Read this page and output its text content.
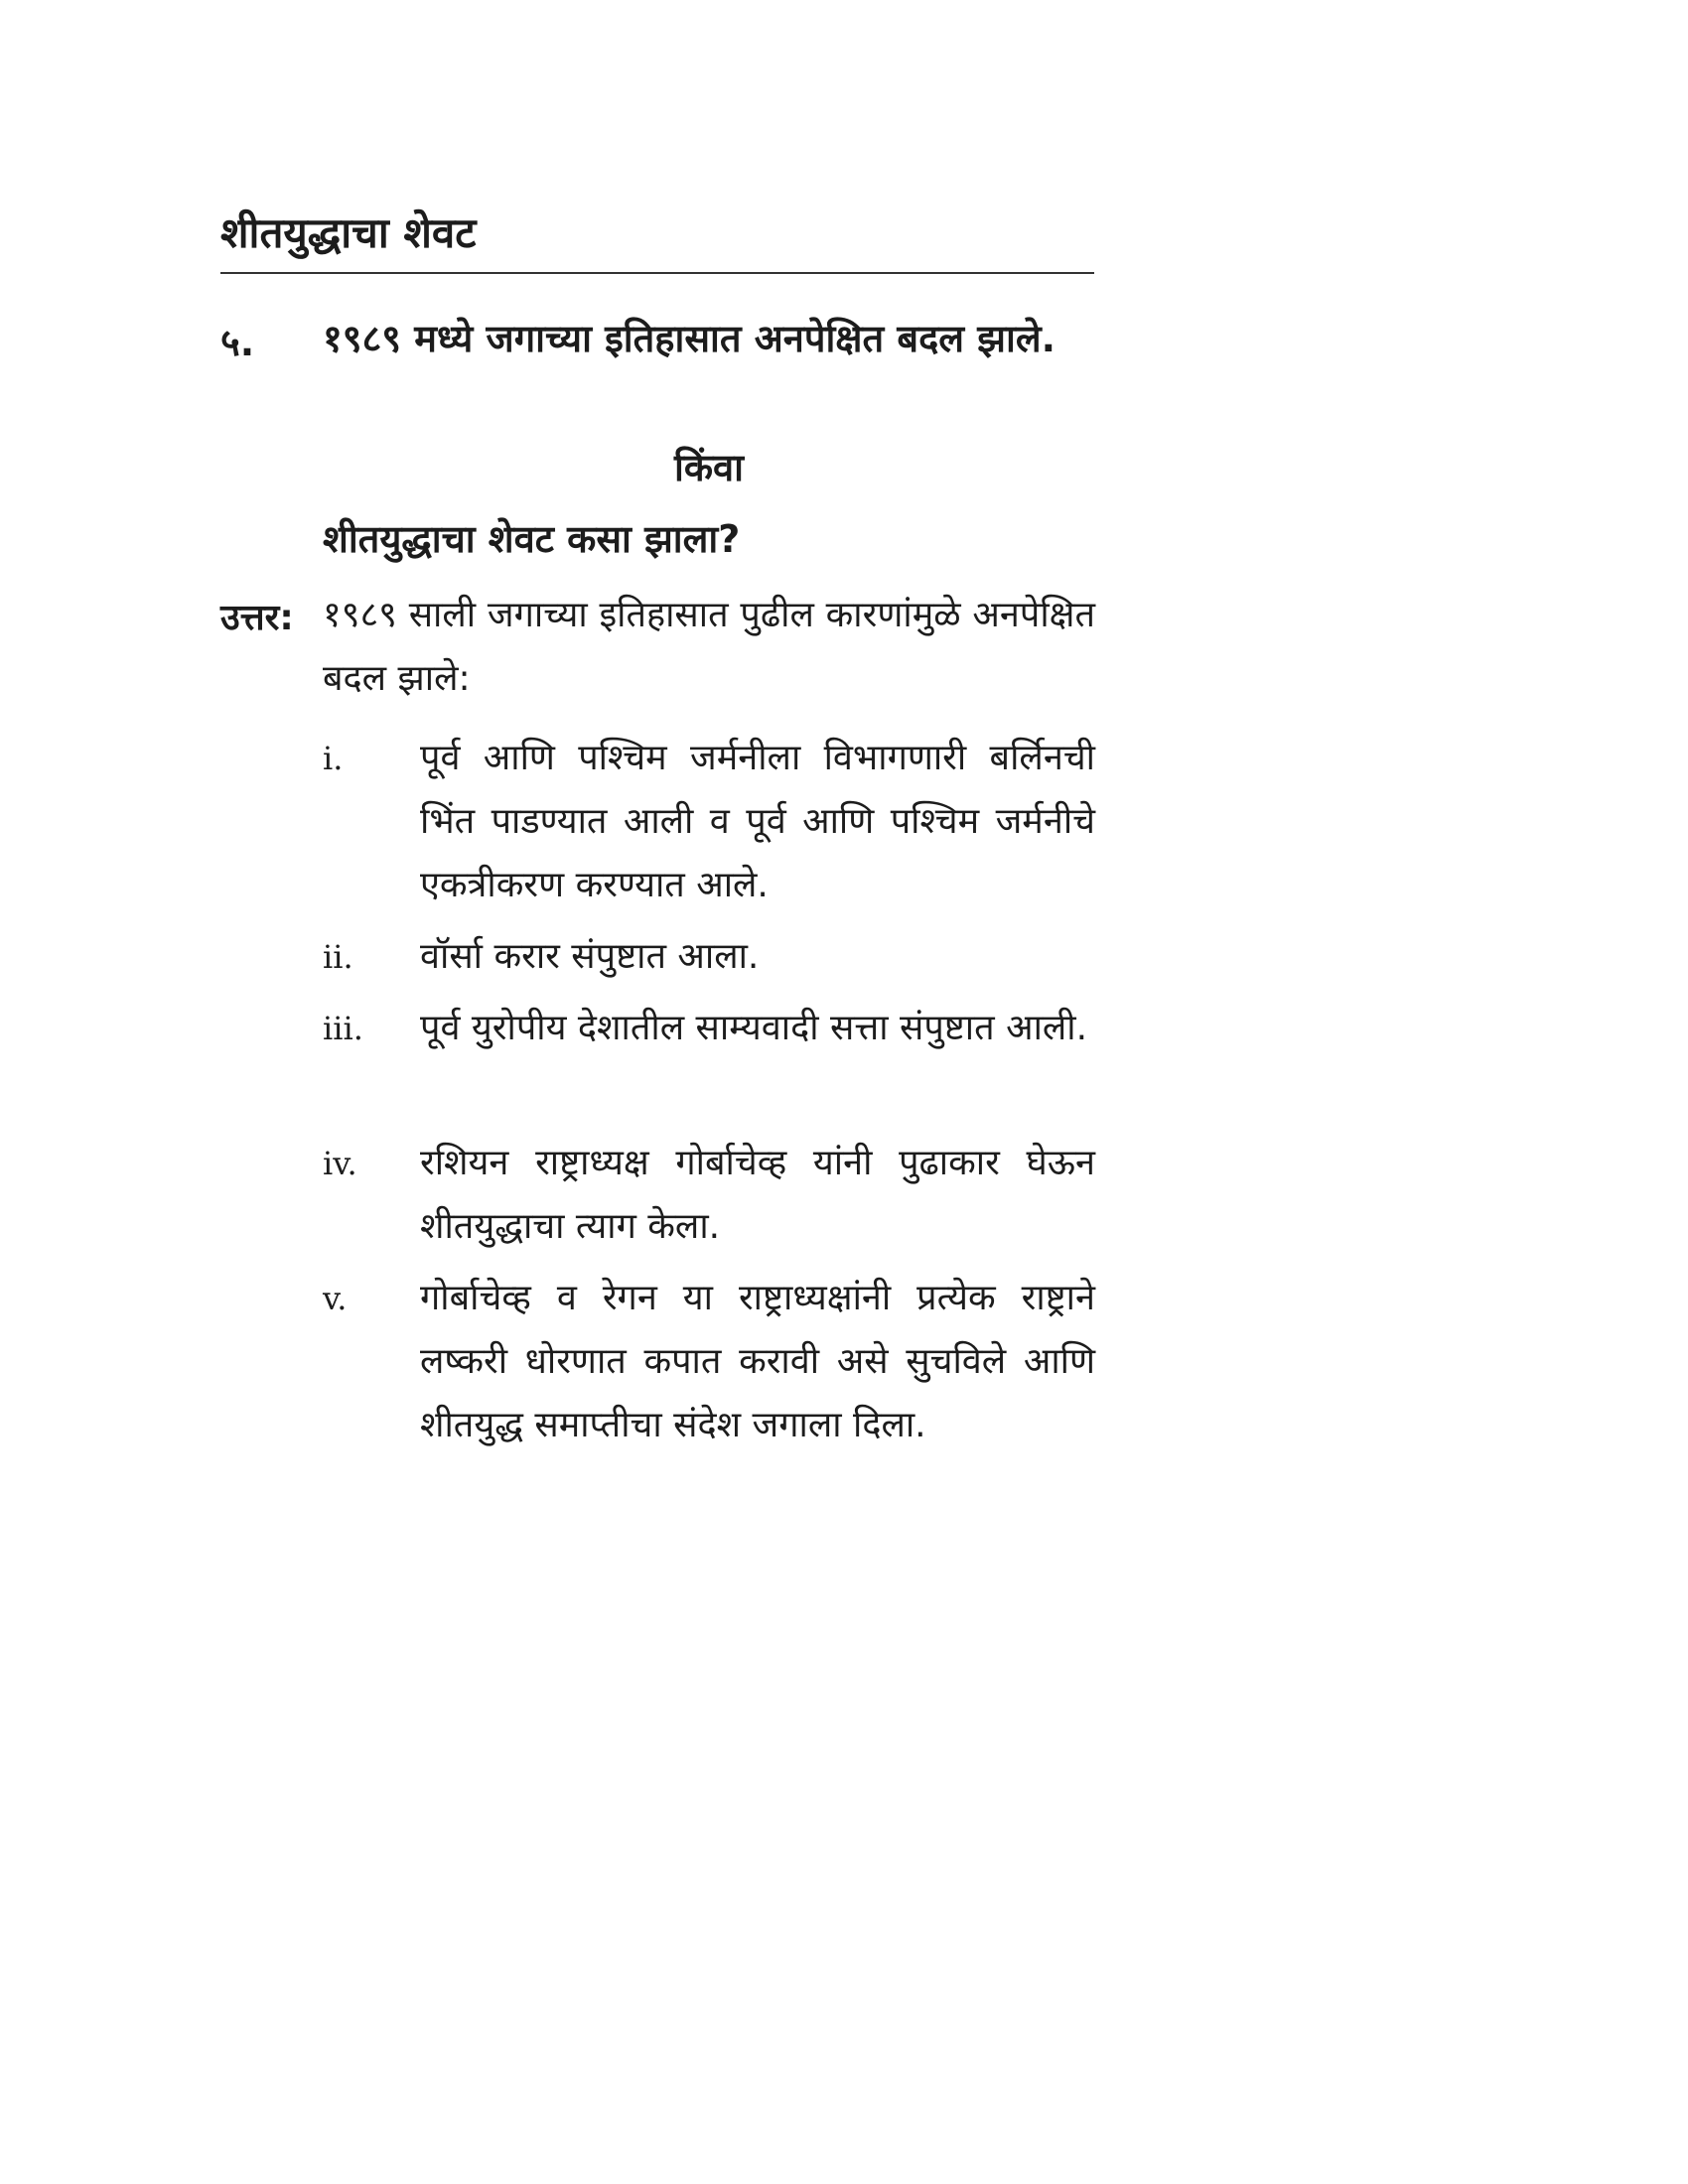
शीतयुद्धाचा शेवट
५. १९८९ मध्ये जगाच्या इतिहासात अनपेक्षित बदल झाले.
किंवा
शीतयुद्धाचा शेवट कसा झाला?
उत्तर: १९८९ साली जगाच्या इतिहासात पुढील कारणांमुळे अनपेक्षित बदल झाले:
i. पूर्व आणि पश्चिम जर्मनीला विभागणारी बर्लिनची भिंत पाडण्यात आली व पूर्व आणि पश्चिम जर्मनीचे एकत्रीकरण करण्यात आले.
ii. वॉर्सा करार संपुष्टात आला.
iii. पूर्व युरोपीय देशातील साम्यवादी सत्ता संपुष्टात आली.
iv. रशियन राष्ट्राध्यक्ष गोर्बाचेव्ह यांनी पुढाकार घेऊन शीतयुद्धाचा त्याग केला.
v. गोर्बाचेव्ह व रेगन या राष्ट्राध्यक्षांनी प्रत्येक राष्ट्राने लष्करी धोरणात कपात करावी असे सुचविले आणि शीतयुद्ध समाप्तीचा संदेश जगाला दिला.
